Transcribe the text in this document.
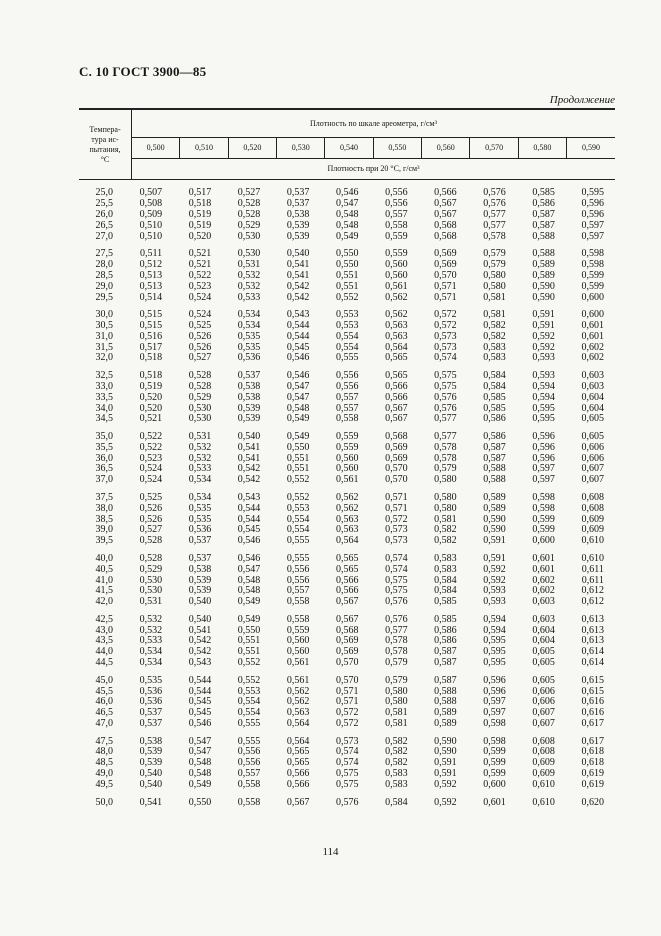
С. 10 ГОСТ 3900—85
Продолжение
Темпера-
тура ис-
пытания,
°С	Плотность по шкале ареометра, г/см³									
	0,500	0,510	0,520	0,530	0,540	0,550	0,560	0,570	0,580	0,590
	Плотность при 20 °С, г/см³									
25,0	0,507	0,517	0,527	0,537	0,546	0,556	0,566	0,576	0,585	0,595
25,5	0,508	0,518	0,528	0,537	0,547	0,556	0,567	0,576	0,586	0,596
26,0	0,509	0,519	0,528	0,538	0,548	0,557	0,567	0,577	0,587	0,596
26,5	0,510	0,519	0,529	0,539	0,548	0,558	0,568	0,577	0,587	0,597
27,0	0,510	0,520	0,530	0,539	0,549	0,559	0,568	0,578	0,588	0,597
27,5	0,511	0,521	0,530	0,540	0,550	0,559	0,569	0,579	0,588	0,598
28,0	0,512	0,521	0,531	0,541	0,550	0,560	0,569	0,579	0,589	0,598
28,5	0,513	0,522	0,532	0,541	0,551	0,560	0,570	0,580	0,589	0,599
29,0	0,513	0,523	0,532	0,542	0,551	0,561	0,571	0,580	0,590	0,599
29,5	0,514	0,524	0,533	0,542	0,552	0,562	0,571	0,581	0,590	0,600
30,0	0,515	0,524	0,534	0,543	0,553	0,562	0,572	0,581	0,591	0,600
30,5	0,515	0,525	0,534	0,544	0,553	0,563	0,572	0,582	0,591	0,601
31,0	0,516	0,526	0,535	0,544	0,554	0,563	0,573	0,582	0,592	0,601
31,5	0,517	0,526	0,535	0,545	0,554	0,564	0,573	0,583	0,592	0,602
32,0	0,518	0,527	0,536	0,546	0,555	0,565	0,574	0,583	0,593	0,602
32,5	0,518	0,528	0,537	0,546	0,556	0,565	0,575	0,584	0,593	0,603
33,0	0,519	0,528	0,538	0,547	0,556	0,566	0,575	0,584	0,594	0,603
33,5	0,520	0,529	0,538	0,547	0,557	0,566	0,576	0,585	0,594	0,604
34,0	0,520	0,530	0,539	0,548	0,557	0,567	0,576	0,585	0,595	0,604
34,5	0,521	0,530	0,539	0,549	0,558	0,567	0,577	0,586	0,595	0,605
35,0	0,522	0,531	0,540	0,549	0,559	0,568	0,577	0,586	0,596	0,605
35,5	0,522	0,532	0,541	0,550	0,559	0,569	0,578	0,587	0,596	0,606
36,0	0,523	0,532	0,541	0,551	0,560	0,569	0,578	0,587	0,596	0,606
36,5	0,524	0,533	0,542	0,551	0,560	0,570	0,579	0,588	0,597	0,607
37,0	0,524	0,534	0,542	0,552	0,561	0,570	0,580	0,588	0,597	0,607
37,5	0,525	0,534	0,543	0,552	0,562	0,571	0,580	0,589	0,598	0,608
38,0	0,526	0,535	0,544	0,553	0,562	0,571	0,580	0,589	0,598	0,608
38,5	0,526	0,535	0,544	0,554	0,563	0,572	0,581	0,590	0,599	0,609
39,0	0,527	0,536	0,545	0,554	0,563	0,573	0,582	0,590	0,599	0,609
39,5	0,528	0,537	0,546	0,555	0,564	0,573	0,582	0,591	0,600	0,610
40,0	0,528	0,537	0,546	0,555	0,565	0,574	0,583	0,591	0,601	0,610
40,5	0,529	0,538	0,547	0,556	0,565	0,574	0,583	0,592	0,601	0,611
41,0	0,530	0,539	0,548	0,556	0,566	0,575	0,584	0,592	0,602	0,611
41,5	0,530	0,539	0,548	0,557	0,566	0,575	0,584	0,593	0,602	0,612
42,0	0,531	0,540	0,549	0,558	0,567	0,576	0,585	0,593	0,603	0,612
42,5	0,532	0,540	0,549	0,558	0,567	0,576	0,585	0,594	0,603	0,613
43,0	0,532	0,541	0,550	0,559	0,568	0,577	0,586	0,594	0,604	0,613
43,5	0,533	0,542	0,551	0,560	0,569	0,578	0,586	0,595	0,604	0,613
44,0	0,534	0,542	0,551	0,560	0,569	0,578	0,587	0,595	0,605	0,614
44,5	0,534	0,543	0,552	0,561	0,570	0,579	0,587	0,595	0,605	0,614
45,0	0,535	0,544	0,552	0,561	0,570	0,579	0,587	0,596	0,605	0,615
45,5	0,536	0,544	0,553	0,562	0,571	0,580	0,588	0,596	0,606	0,615
46,0	0,536	0,545	0,554	0,562	0,571	0,580	0,588	0,597	0,606	0,616
46,5	0,537	0,545	0,554	0,563	0,572	0,581	0,589	0,597	0,607	0,616
47,0	0,537	0,546	0,555	0,564	0,572	0,581	0,589	0,598	0,607	0,617
47,5	0,538	0,547	0,555	0,564	0,573	0,582	0,590	0,598	0,608	0,617
48,0	0,539	0,547	0,556	0,565	0,574	0,582	0,590	0,599	0,608	0,618
48,5	0,539	0,548	0,556	0,565	0,574	0,582	0,591	0,599	0,609	0,618
49,0	0,540	0,548	0,557	0,566	0,575	0,583	0,591	0,599	0,609	0,619
49,5	0,540	0,549	0,558	0,566	0,575	0,583	0,592	0,600	0,610	0,619
50,0	0,541	0,550	0,558	0,567	0,576	0,584	0,592	0,601	0,610	0,620
114
